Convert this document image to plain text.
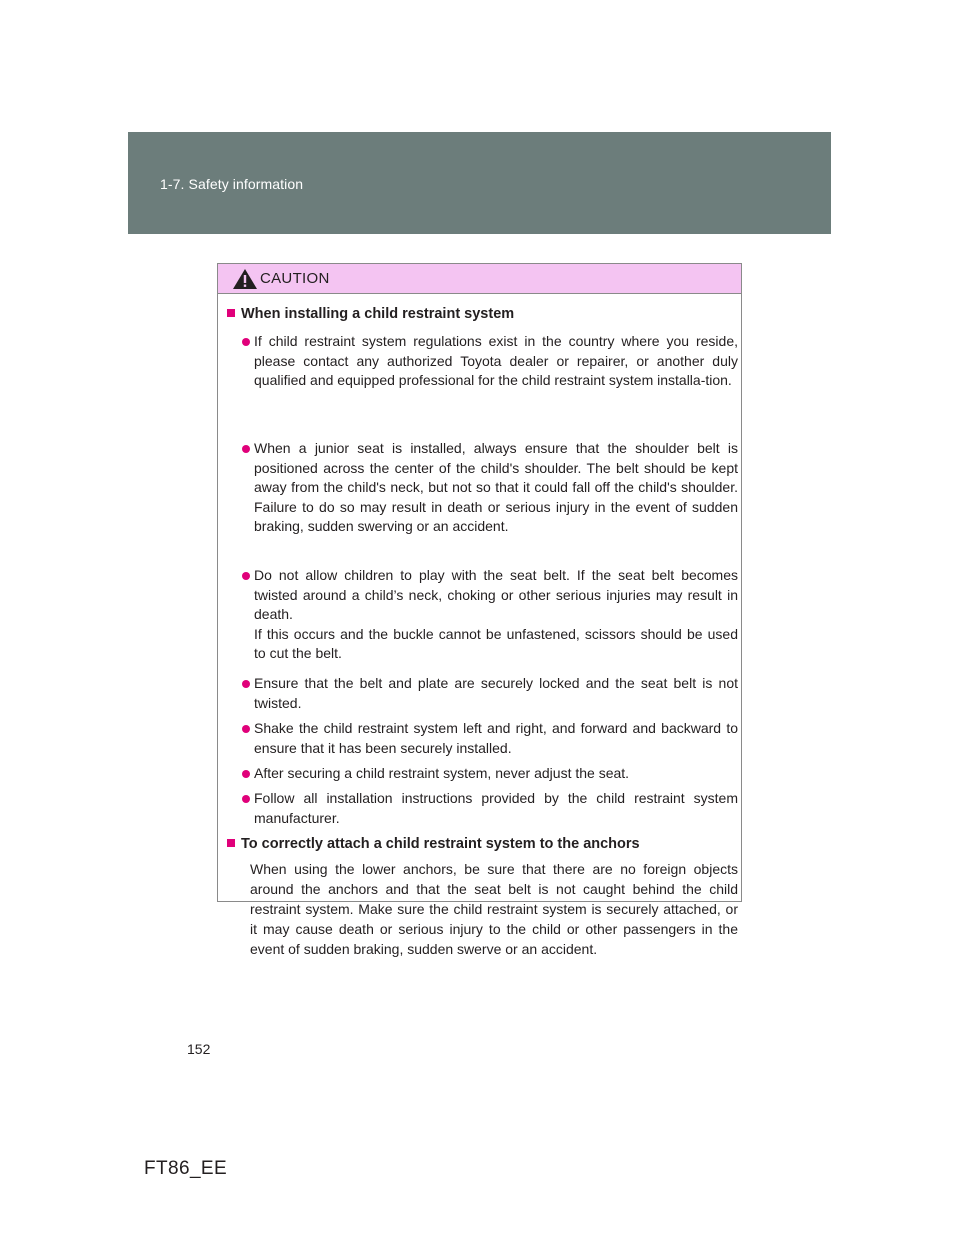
1-7. Safety information
CAUTION
When installing a child restraint system
If child restraint system regulations exist in the country where you reside, please contact any authorized Toyota dealer or repairer, or another duly qualified and equipped professional for the child restraint system installa-tion.
When a junior seat is installed, always ensure that the shoulder belt is positioned across the center of the child's shoulder. The belt should be kept away from the child's neck, but not so that it could fall off the child's shoulder. Failure to do so may result in death or serious injury in the event of sudden braking, sudden swerving or an accident.
Do not allow children to play with the seat belt. If the seat belt becomes twisted around a child’s neck, choking or other serious injuries may result in death.
If this occurs and the buckle cannot be unfastened, scissors should be used to cut the belt.
Ensure that the belt and plate are securely locked and the seat belt is not twisted.
Shake the child restraint system left and right, and forward and backward to ensure that it has been securely installed.
After securing a child restraint system, never adjust the seat.
Follow all installation instructions provided by the child restraint system manufacturer.
To correctly attach a child restraint system to the anchors
When using the lower anchors, be sure that there are no foreign objects around the anchors and that the seat belt is not caught behind the child restraint system. Make sure the child restraint system is securely attached, or it may cause death or serious injury to the child or other passengers in the event of sudden braking, sudden swerve or an accident.
152
FT86_EE
